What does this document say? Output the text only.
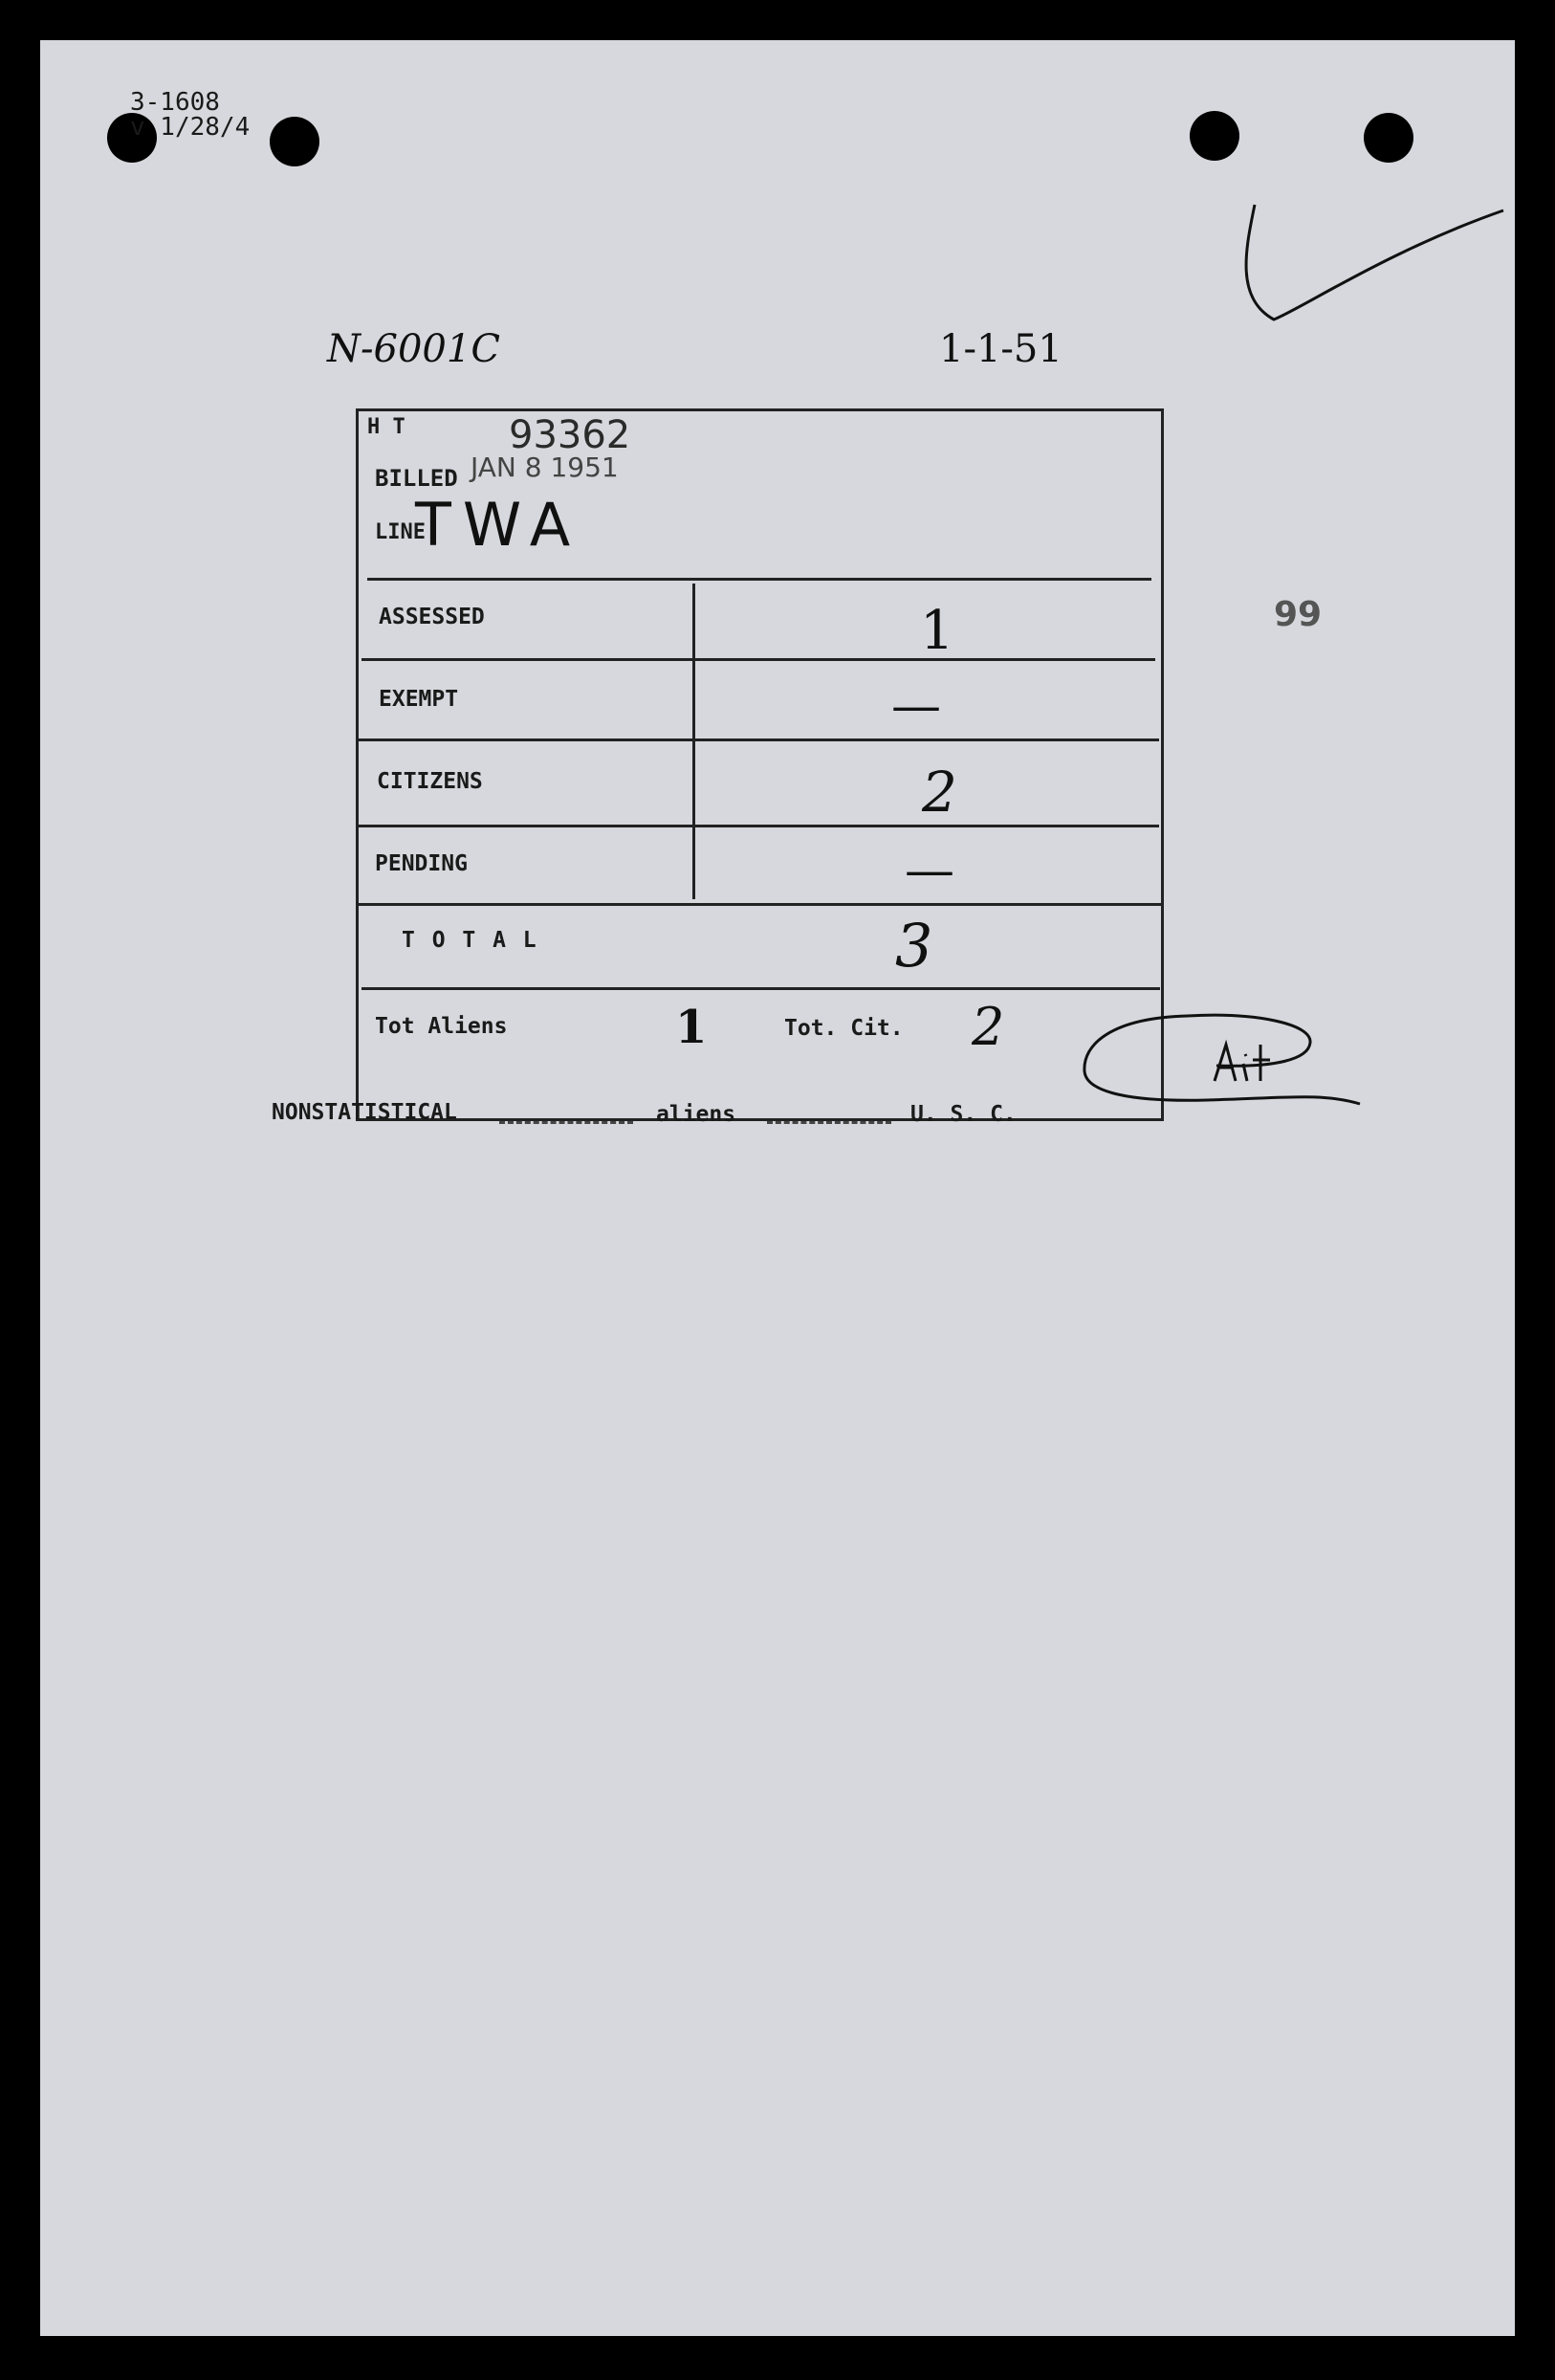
3-1608
v 1/28/4
N-6001C	1-1-51
99
H T	93362
BILLED JAN 8 1951
LINE
TWA
ASSESSED	1
EXEMPT	—
CITIZENS	2
PENDING	—
T O T A L	3
Tot Aliens	1	Tot. Cit. 2
NONSTATISTICAL	aliens	U. S. C.
